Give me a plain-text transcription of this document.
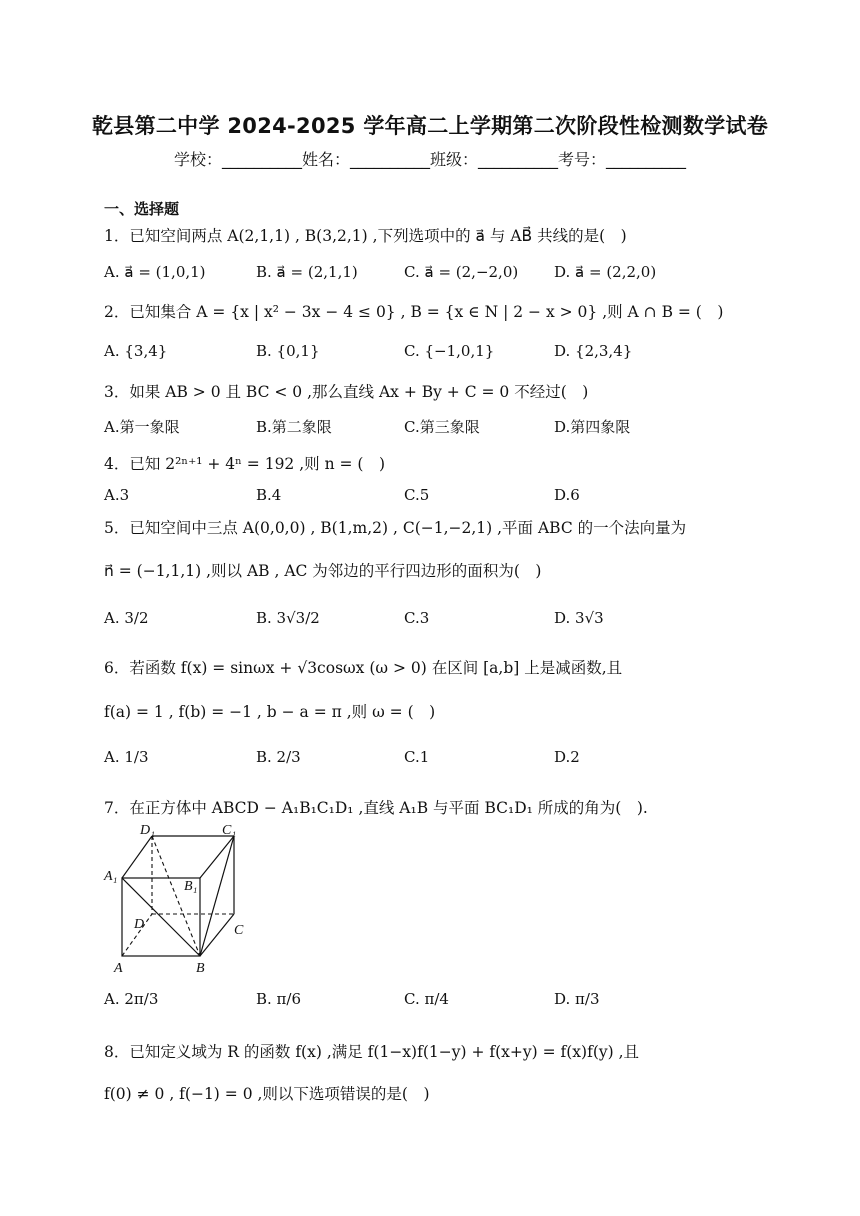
乾县第二中学 2024-2025 学年高二上学期第二次阶段性检测数学试卷
学校：__________姓名：__________班级：__________考号：__________
一、选择题
1．已知空间两点 A(2,1,1) , B(3,2,1) ,下列选项中的 a⃗ 与 AB⃗ 共线的是(　)
A. a⃗ = (1,0,1)	B. a⃗ = (2,1,1)	C. a⃗ = (2,−2,0) D. a⃗ = (2,2,0)
2．已知集合 A = {x | x² − 3x − 4 ≤ 0} , B = {x ∈ N | 2 − x > 0} ,则 A ∩ B = (　)
A. {3,4}	B. {0,1}	C. {−1,0,1}	D. {2,3,4}
3．如果 AB > 0 且 BC < 0 ,那么直线 Ax + By + C = 0 不经过(　)
A.第一象限	B.第二象限	C.第三象限	D.第四象限
4．已知 2²ⁿ⁺¹ + 4ⁿ = 192 ,则 n = (　)
A.3	B.4	C.5	D.6
5．已知空间中三点 A(0,0,0) , B(1,m,2) , C(−1,−2,1) ,平面 ABC 的一个法向量为
n⃗ = (−1,1,1) ,则以 AB , AC 为邻边的平行四边形的面积为(　)
A. 3/2	B. 3√3/2	C.3	D. 3√3
6．若函数 f(x) = sinωx + √3cosωx (ω > 0) 在区间 [a,b] 上是减函数,且
f(a) = 1 , f(b) = −1 , b − a = π ,则 ω = (　)
A. 1/3	B. 2/3	C.1	D.2
7．在正方体中 ABCD − A₁B₁C₁D₁ ,直线 A₁B 与平面 BC₁D₁ 所成的角为(　).
D₁	C₁
A₁
B₁
D	C
A	B
A. 2π/3	B. π/6	C. π/4	D. π/3
8．已知定义域为 R 的函数 f(x) ,满足 f(1−x)f(1−y) + f(x+y) = f(x)f(y) ,且
f(0) ≠ 0 , f(−1) = 0 ,则以下选项错误的是(　)
